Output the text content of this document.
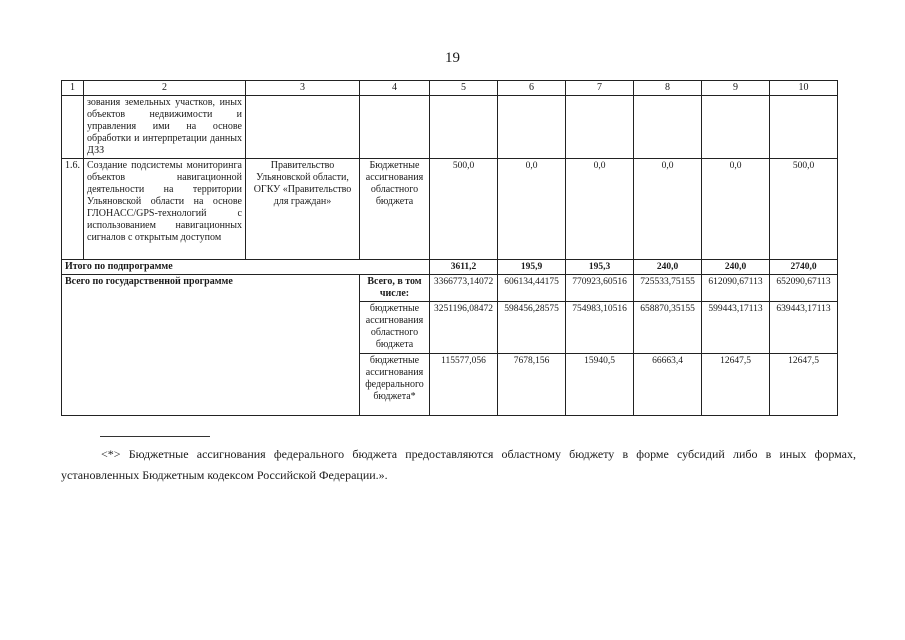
19
1	2	3	4	5	6	7	8	9	10
	зования земельных участков, иных объектов недвижимости и управления ими на основе обработки и интерпретации данных ДЗЗ								
1.6.	Создание подсистемы мониторинга объектов навигационной деятельности на территории Ульяновской области на основе ГЛОНАСС/GPS-технологий с использованием навигационных сигналов с открытым доступом	Правительство Ульяновской области, ОГКУ «Правительство для граждан»	Бюджетные ассигнования областного бюджета	500,0	0,0	0,0	0,0	0,0	500,0
Итого по подпрограмме				3611,2	195,9	195,3	240,0	240,0	2740,0
Всего по государственной программе			Всего, в том числе:	3366773,14072	606134,44175	770923,60516	725533,75155	612090,67113	652090,67113
			бюджетные ассигнования областного бюджета	3251196,08472	598456,28575	754983,10516	658870,35155	599443,17113	639443,17113
			бюджетные ассигнования федерального бюджета*	115577,056	7678,156	15940,5	66663,4	12647,5	12647,5
<*> Бюджетные ассигнования федерального бюджета предоставляются областному бюджету в форме субсидий либо в иных формах, установленных Бюджетным кодексом Российской Федерации.».
